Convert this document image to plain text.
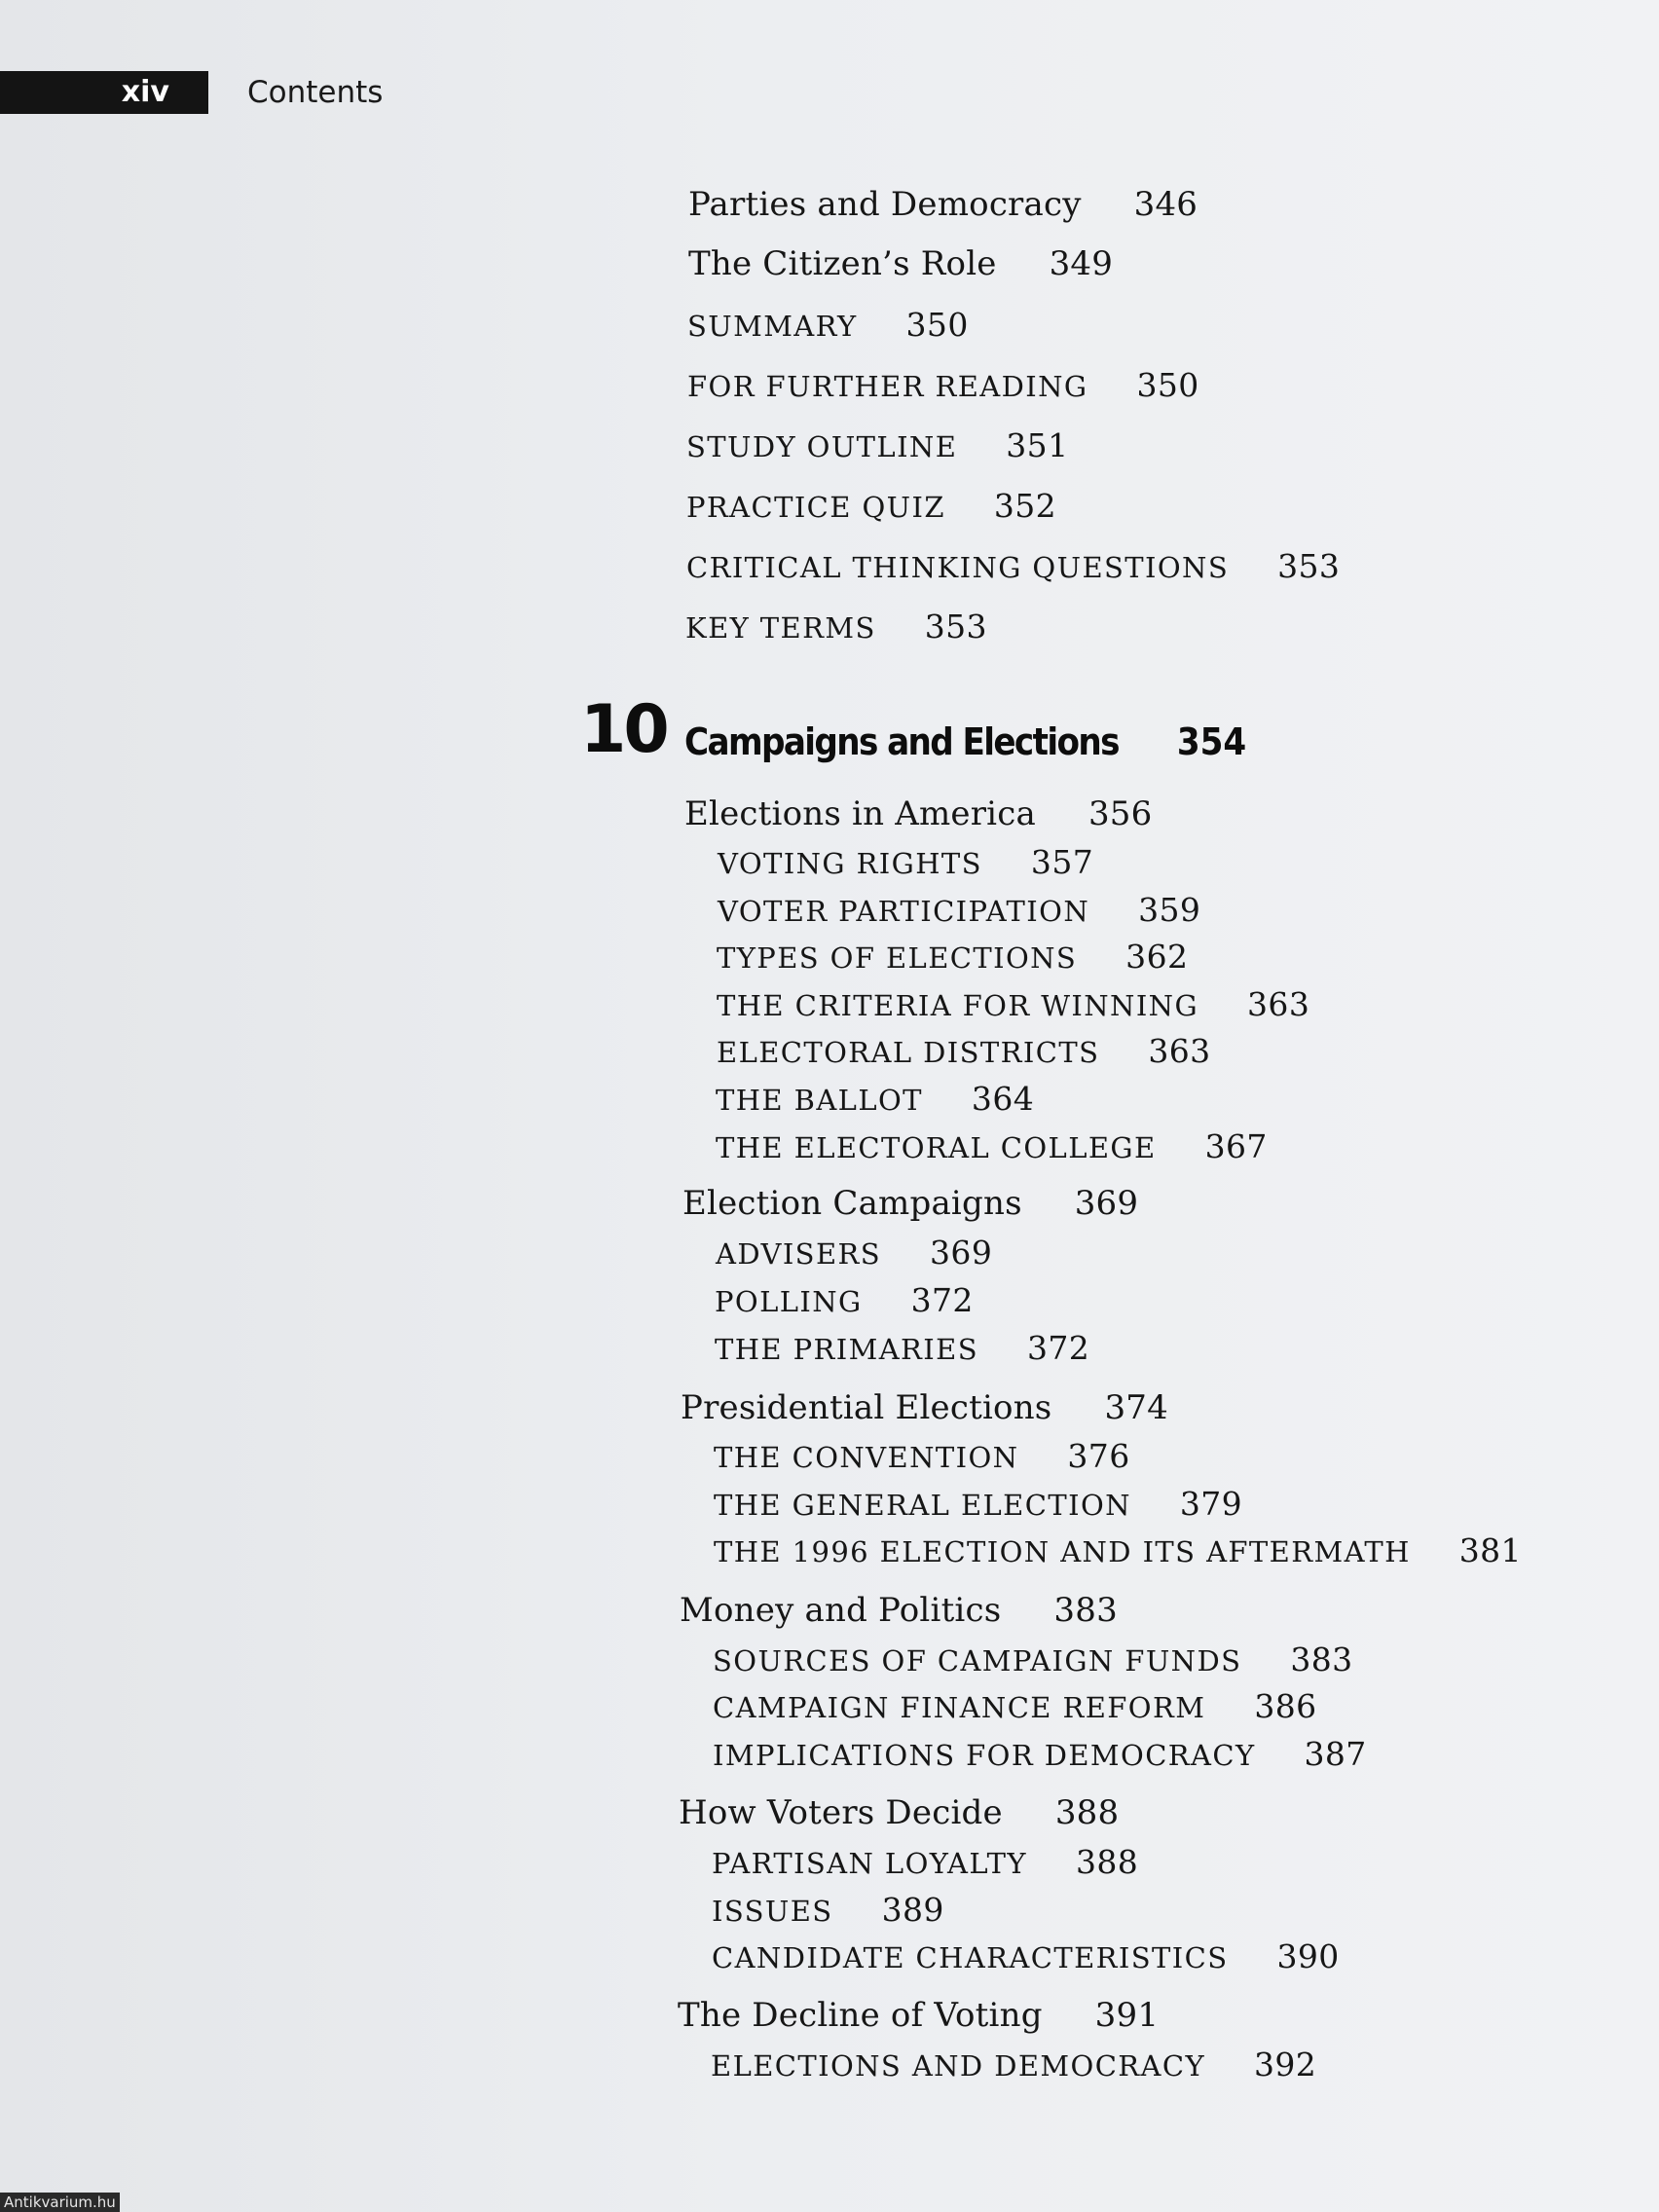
xiv	Contents
Parties and Democracy 346
The Citizen’s Role 349
SUMMARY 350
FOR FURTHER READING 350
STUDY OUTLINE 351
PRACTICE QUIZ 352
CRITICAL THINKING QUESTIONS 353
KEY TERMS 353
10 Campaigns and Elections 354
Elections in America 356
VOTING RIGHTS 357
VOTER PARTICIPATION 359
TYPES OF ELECTIONS 362
THE CRITERIA FOR WINNING 363
ELECTORAL DISTRICTS 363
THE BALLOT 364
THE ELECTORAL COLLEGE 367
Election Campaigns 369
ADVISERS 369
POLLING 372
THE PRIMARIES 372
Presidential Elections 374
THE CONVENTION 376
THE GENERAL ELECTION 379
THE 1996 ELECTION AND ITS AFTERMATH 381
Money and Politics 383
SOURCES OF CAMPAIGN FUNDS 383
CAMPAIGN FINANCE REFORM 386
IMPLICATIONS FOR DEMOCRACY 387
How Voters Decide 388
PARTISAN LOYALTY 388
ISSUES 389
CANDIDATE CHARACTERISTICS 390
The Decline of Voting 391
ELECTIONS AND DEMOCRACY 392
Antikvarium.hu
